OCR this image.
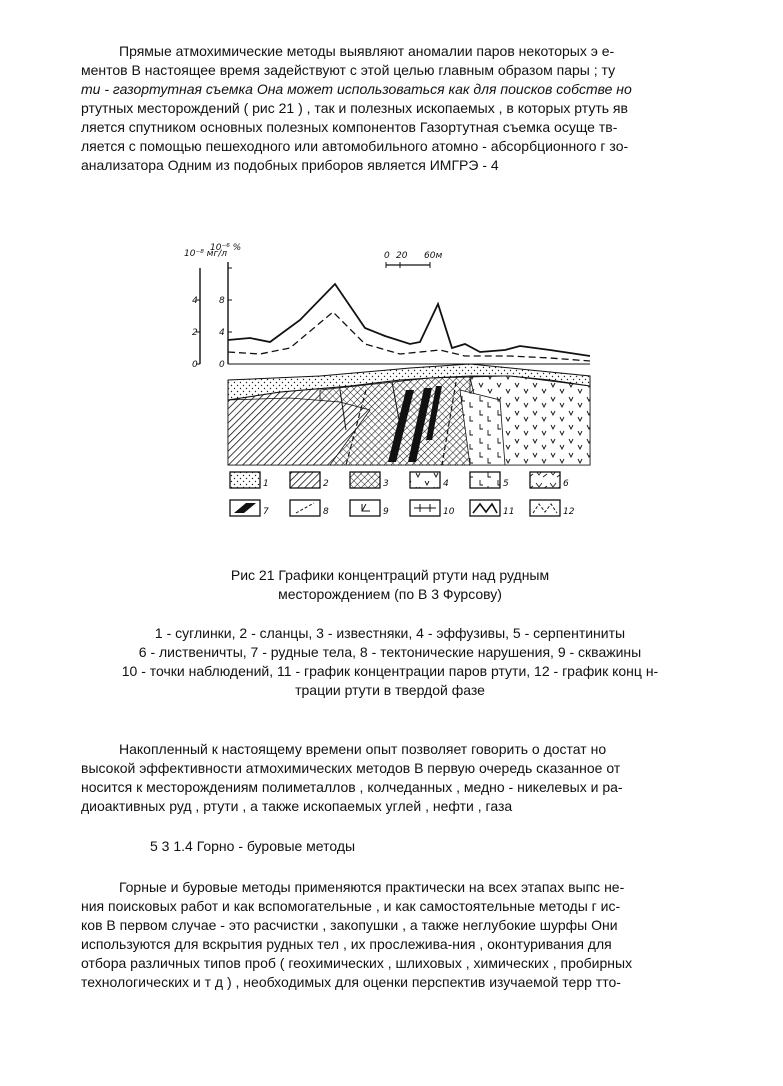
Прямые атмохимические методы выявляют аномалии паров некоторых э е-
ментов В настоящее время задействуют с этой целью главным образом пары ; ту
ти - газортутная съемка Она может использоваться как для поисков собстве но
ртутных месторождений ( рис 21 ) , так и полезных ископаемых , в которых ртуть яв
ляется спутником основных полезных компонентов Газортутная съемка осуще тв-
ляется с помощью пешеходного или автомобильного атомно - абсорбционного г зо-
анализатора Одним из подобных приборов является ИМГРЭ - 4
10⁻⁸ мг/л
10⁻⁶ %
4
2
0
8
4
0
0 20 60м
1	2	3	4	5	6
7	8	9	10	11	12
Рис 21 Графики концентраций ртути над рудным
месторождением (по В 3 Фурсову)
1 - суглинки, 2 - сланцы, 3 - известняки, 4 - эффузивы, 5 - серпентиниты
6 - лиственичты, 7 - рудные тела, 8 - тектонические нарушения, 9 - скважины
10 - точки наблюдений, 11 - график концентрации паров ртути, 12 - график конц н-
трации ртути в твердой фазе
Накопленный к настоящему времени опыт позволяет говорить о достат но
высокой эффективности атмохимических методов В первую очередь сказанное от
носится к месторождениям полиметаллов , колчеданных , медно - никелевых и ра-
диоактивных руд , ртути , а также ископаемых углей , нефти , газа
5 3 1.4 Горно - буровые методы
Горные и буровые методы применяются практически на всех этапах выпс не-
ния поисковых работ и как вспомогательные , и как самостоятельные методы г ис-
ков В первом случае - это расчистки , закопушки , а также неглубокие шурфы Они
используются для вскрытия рудных тел , их прослежива-ния , оконтуривания для
отбора различных типов проб ( геохимических , шлиховых , химических , пробирных
технологических и т д ) , необходимых для оценки перспектив изучаемой терр тто-
